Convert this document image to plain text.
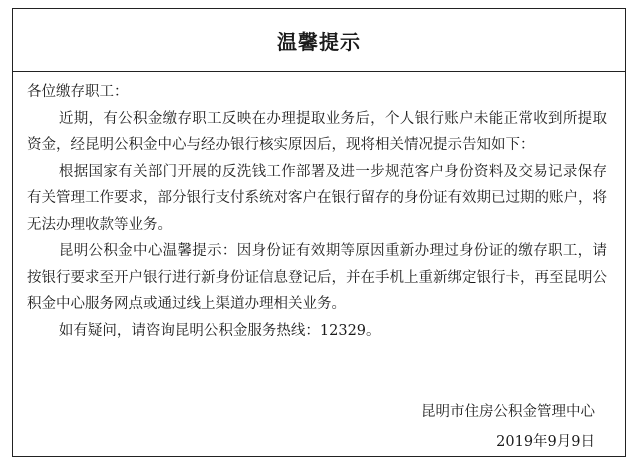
温馨提示

各位缴存职工：

近期，有公积金缴存职工反映在办理提取业务后，个人银行账户未能正常收到所提取资金，经昆明公积金中心与经办银行核实原因后，现将相关情况提示告知如下：

根据国家有关部门开展的反洗钱工作部署及进一步规范客户身份资料及交易记录保存有关管理工作要求，部分银行支付系统对客户在银行留存的身份证有效期已过期的账户，将无法办理收款等业务。

昆明公积金中心温馨提示：因身份证有效期等原因重新办理过身份证的缴存职工，请按银行要求至开户银行进行新身份证信息登记后，并在手机上重新绑定银行卡，再至昆明公积金中心服务网点或通过线上渠道办理相关业务。

如有疑问，请咨询昆明公积金服务热线：12329。

昆明市住房公积金管理中心
2019年9月9日
